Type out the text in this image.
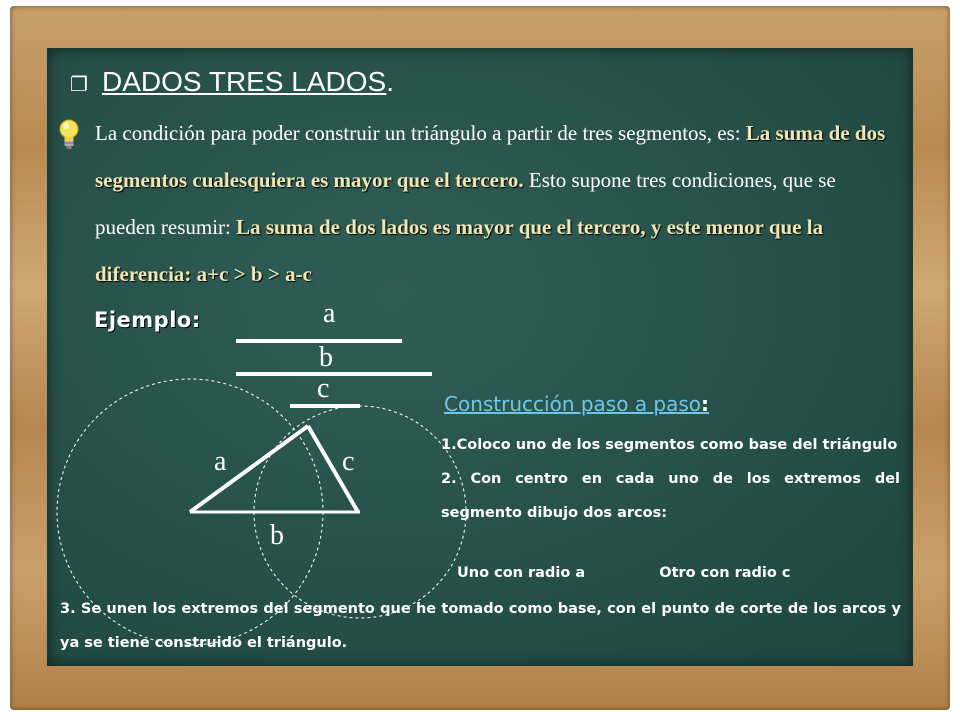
❐ DADOS TRES LADOS.
La condición para poder construir un triángulo a partir de tres segmentos, es: La suma de dos segmentos cualesquiera es mayor que el tercero. Esto supone tres condiciones, que se pueden resumir: La suma de dos lados es mayor que el tercero, y este menor que la diferencia: a+c > b > a-c
Ejemplo:	a
b
c
a	c
b
Construcción paso a paso:
1.Coloco uno de los segmentos como base del triángulo
2. Con centro en cada uno de los extremos del segmento dibujo dos arcos:
Uno con radio a	Otro con radio c
3. Se unen los extremos del segmento que he tomado como base, con el punto de corte de los arcos y ya se tiene construido el triángulo.
